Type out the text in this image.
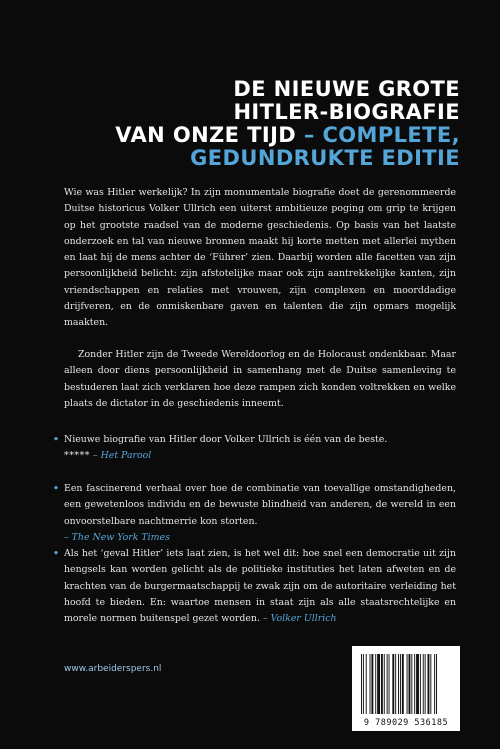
DE NIEUWE GROTE
HITLER-BIOGRAFIE
VAN ONZE TIJD – COMPLETE,
GEDUNDRUKTE EDITIE

Wie was Hitler werkelijk? In zijn monumentale biografie doet de gerenommeerde Duitse historicus Volker Ullrich een uiterst ambitieuze poging om grip te krijgen op het grootste raadsel van de moderne geschiedenis. Op basis van het laatste onderzoek en tal van nieuwe bronnen maakt hij korte metten met allerlei mythen en laat hij de mens achter de ‘Führer’ zien. Daarbij worden alle facetten van zijn persoonlijkheid belicht: zijn afstotelijke maar ook zijn aantrekkelijke kanten, zijn vriendschappen en relaties met vrouwen, zijn complexen en moorddadige drijfveren, en de onmiskenbare gaven en talenten die zijn opmars mogelijk maakten.

Zonder Hitler zijn de Tweede Wereldoorlog en de Holocaust ondenkbaar. Maar alleen door diens persoonlijkheid in samenhang met de Duitse samenleving te bestuderen laat zich verklaren hoe deze rampen zich konden voltrekken en welke plaats de dictator in de geschiedenis inneemt.

• Nieuwe biografie van Hitler door Volker Ullrich is één van de beste.
***** – Het Parool
• Een fascinerend verhaal over hoe de combinatie van toevallige omstandigheden, een gewetenloos individu en de bewuste blindheid van anderen, de wereld in een onvoorstelbare nachtmerrie kon storten.
– The New York Times
• Als het ‘geval Hitler’ iets laat zien, is het wel dit: hoe snel een democratie uit zijn hengsels kan worden gelicht als de politieke instituties het laten afweten en de krachten van de burgermaatschappij te zwak zijn om de autoritaire verleiding het hoofd te bieden. En: waartoe mensen in staat zijn als alle staatsrechtelijke en morele normen buitenspel gezet worden. – Volker Ullrich
www.arbeiderspers.nl
9 789029 536185
